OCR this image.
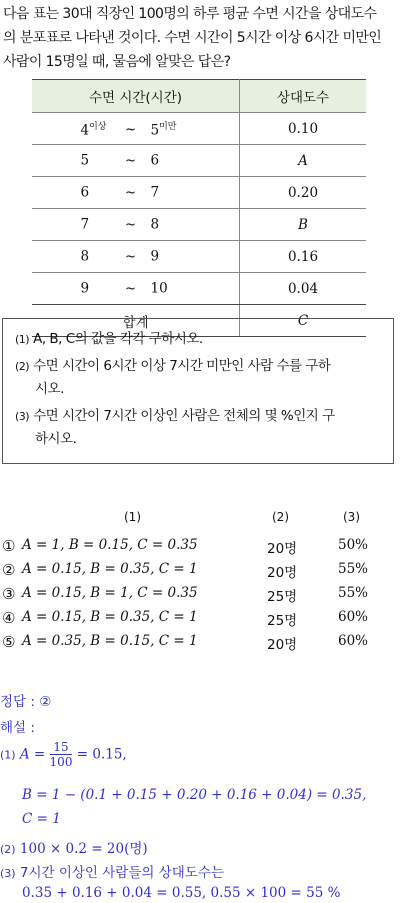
다음 표는 30대 직장인 100명의 하루 평균 수면 시간을 상대도수
의 분포표로 나타낸 것이다. 수면 시간이 5시간 이상 6시간 미만인
사람이 15명일 때, 물음에 알맞은 답은?
수면 시간(시간)	상대도수
$4^{이상}$ ~ $5^{미만}$	0.10
5 ~ 6	A
6 ~ 7	0.20
7 ~ 8	B
8 ~ 9	0.16
9 ~ 10	0.04
합계	C
(1) A, B, C의 값을 각각 구하시오.
(2) 수면 시간이 6시간 이상 7시간 미만인 사람 수를 구하
시오.
(3) 수면 시간이 7시간 이상인 사람은 전체의 몇 %인지 구
하시오.
(1)	(2)	(3)
① A = 1, B = 0.15, C = 0.35	20명	50%
② A = 0.15, B = 0.35, C = 1	20명	55%
③ A = 0.15, B = 1, C = 0.35	25명	55%
④ A = 0.15, B = 0.35, C = 1	25명	60%
⑤ A = 0.35, B = 0.15, C = 1	20명	60%
정답 : ②
해설 :
(1) $A = \frac{15}{100} = 0.15$,
B = 1 − (0.1 + 0.15 + 0.20 + 0.16 + 0.04) = 0.35,
C = 1
(2) 100 × 0.2 = 20(명)
(3) 7시간 이상인 사람들의 상대도수는
0.35 + 0.16 + 0.04 = 0.55, 0.55 × 100 = 55 %
